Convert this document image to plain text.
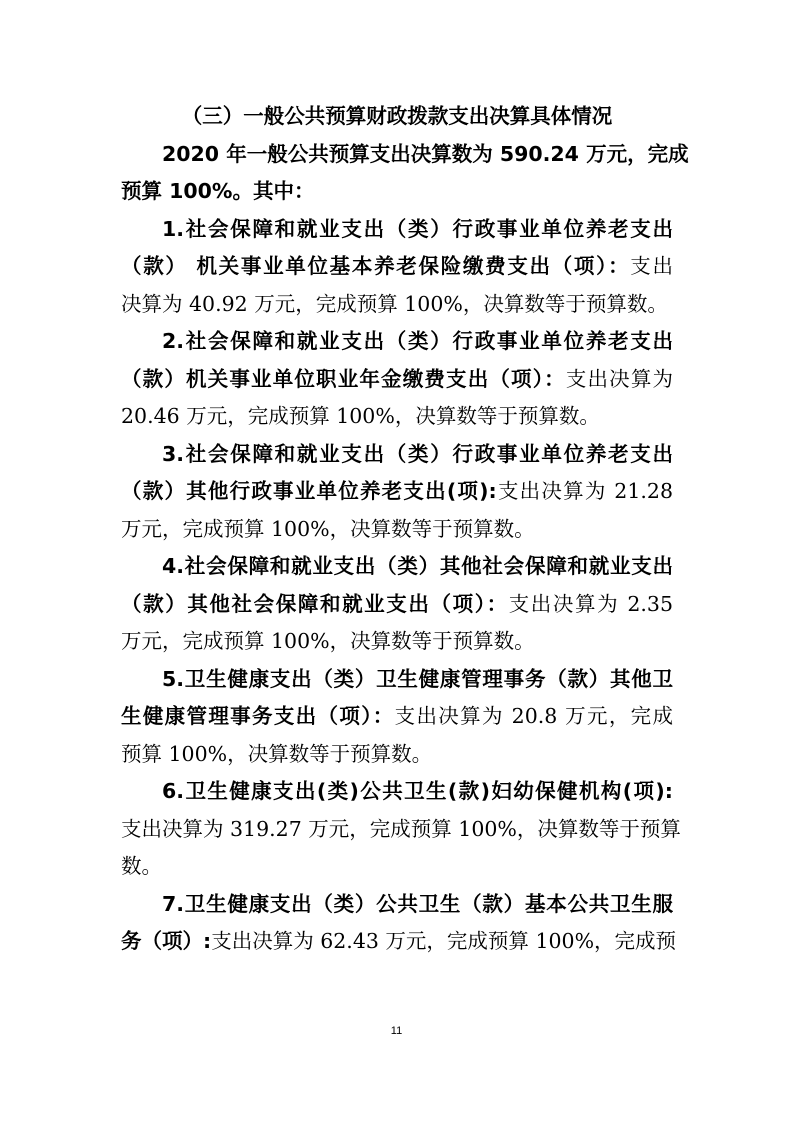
（三）一般公共预算财政拨款支出决算具体情况
2020 年一般公共预算支出决算数为 590.24 万元，完成
预算 100%。其中：
1.社会保障和就业支出（类）行政事业单位养老支出
（款） 机关事业单位基本养老保险缴费支出（项）：支出
决算为 40.92 万元，完成预算 100%，决算数等于预算数。
2.社会保障和就业支出（类）行政事业单位养老支出
（款）机关事业单位职业年金缴费支出（项）：支出决算为
20.46 万元，完成预算 100%，决算数等于预算数。
3.社会保障和就业支出（类）行政事业单位养老支出
（款）其他行政事业单位养老支出(项):支出决算为 21.28
万元，完成预算 100%，决算数等于预算数。
4.社会保障和就业支出（类）其他社会保障和就业支出
（款）其他社会保障和就业支出（项）：支出决算为 2.35
万元，完成预算 100%，决算数等于预算数。
5.卫生健康支出（类）卫生健康管理事务（款）其他卫
生健康管理事务支出（项）：支出决算为 20.8 万元，完成
预算 100%，决算数等于预算数。
6.卫生健康支出(类)公共卫生(款)妇幼保健机构(项):
支出决算为 319.27 万元，完成预算 100%，决算数等于预算
数。
7.卫生健康支出（类）公共卫生（款）基本公共卫生服
务（项）:支出决算为 62.43 万元，完成预算 100%，完成预
11
